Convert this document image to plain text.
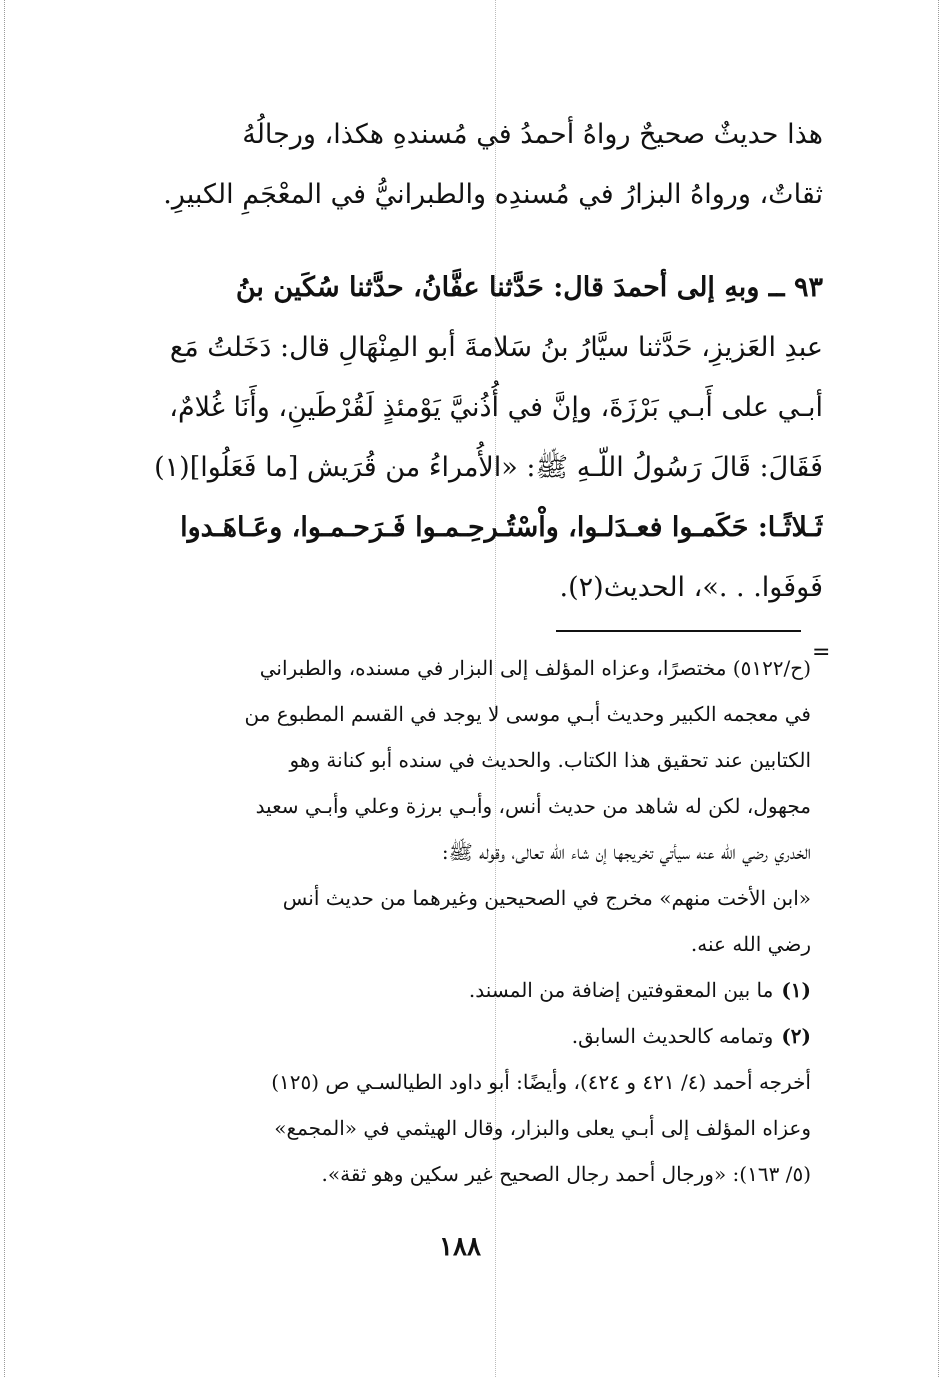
هذا حديثٌ صحيحٌ رواهُ أحمدُ في مُسندهِ هكذا، ورجالُهُ
ثقاتٌ، ورواهُ البزارُ في مُسندِه والطبرانيُّ في المعْجَمِ الكبيرِ.
٩٣ ــ وبهِ إلى أحمدَ قال: حَدَّثنا عفَّانُ، حدَّثنا سُكَين بنُ
عبدِ العَزيزِ، حَدَّثنا سيَّارُ بنُ سَلامةَ أبو المِنْهَالِ قال: دَخَلتُ مَع
أبـي على أَبـي بَرْزَةَ، وإنَّ في أُذُنيَّ يَوْمئذٍ لَقُرْطَينِ، وأَنَا غُلامٌ،
فَقَالَ: قَالَ رَسُولُ اللّـهِ ﷺ: «الأُمراءُ من قُرَيش [ما فَعَلُوا](١)
ثَـلاثًـا: حَكَمـوا فعـدَلـوا، واْسْتُـرحِـمـوا فَـرَحـمـوا، وعَـاهَـدوا
فَوفَوا. . .»، الحديث(٢).
=
(ح/٥١٢٢) مختصرًا، وعزاه المؤلف إلى البزار في مسنده، والطبراني
في معجمه الكبير وحديث أبـي موسى لا يوجد في القسم المطبوع من
الكتابين عند تحقيق هذا الكتاب. والحديث في سنده أبو كنانة وهو
مجهول، لكن له شاهد من حديث أنس، وأبـي برزة وعلي وأبـي سعيد
الخدري رضي الله عنه سيأتي تخريجها إن شاء الله تعالى، وقوله ﷺ:
«ابن الأخت منهم» مخرج في الصحيحين وغيرهما من حديث أنس
رضي الله عنه.
(١)ما بين المعقوفتين إضافة من المسند.
(٢)وتمامه كالحديث السابق.
أخرجه أحمد (٤/ ٤٢١ و ٤٢٤)، وأيضًا: أبو داود الطيالسـي ص (١٢٥)
وعزاه المؤلف إلى أبـي يعلى والبزار، وقال الهيثمي في «المجمع»
(٥/ ١٦٣): «ورجال أحمد رجال الصحيح غير سكين وهو ثقة».
١٨٨
